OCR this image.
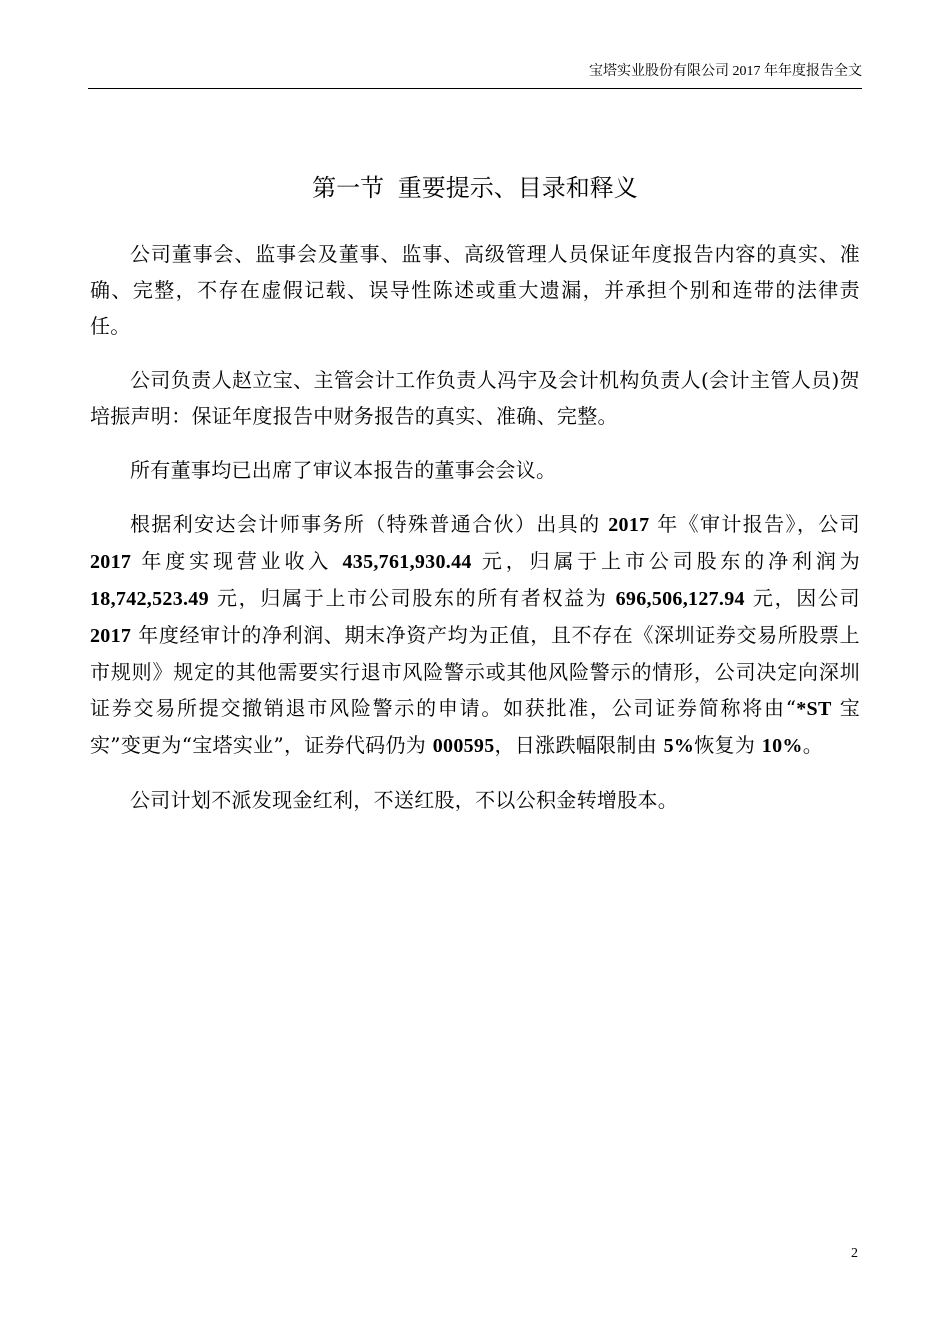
宝塔实业股份有限公司 2017 年年度报告全文
第一节 重要提示、目录和释义

公司董事会、监事会及董事、监事、高级管理人员保证年度报告内容的真实、准确、完整，不存在虚假记载、误导性陈述或重大遗漏，并承担个别和连带的法律责任。

公司负责人赵立宝、主管会计工作负责人冯宇及会计机构负责人(会计主管人员)贺培振声明：保证年度报告中财务报告的真实、准确、完整。

所有董事均已出席了审议本报告的董事会会议。

根据利安达会计师事务所（特殊普通合伙）出具的 2017 年《审计报告》，公司 2017 年度实现营业收入 435,761,930.44 元，归属于上市公司股东的净利润为 18,742,523.49 元，归属于上市公司股东的所有者权益为 696,506,127.94 元，因公司 2017 年度经审计的净利润、期末净资产均为正值，且不存在《深圳证券交易所股票上市规则》规定的其他需要实行退市风险警示或其他风险警示的情形，公司决定向深圳证券交易所提交撤销退市风险警示的申请。如获批准，公司证券简称将由“*ST 宝实”变更为“宝塔实业”，证券代码仍为 000595，日涨跌幅限制由 5%恢复为 10%。

公司计划不派发现金红利，不送红股，不以公积金转增股本。

2
